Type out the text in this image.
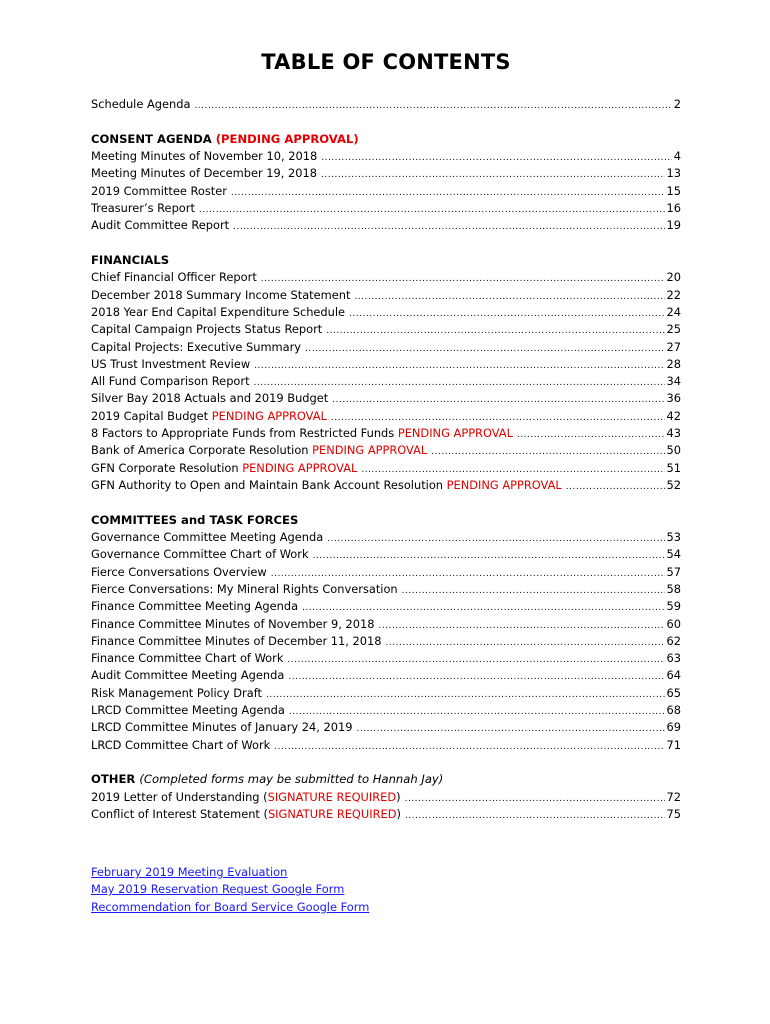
TABLE OF CONTENTS
Schedule Agenda .....	2
CONSENT AGENDA (PENDING APPROVAL)
Meeting Minutes of November 10, 2018 .....	4
Meeting Minutes of December 19, 2018 .....	13
2019 Committee Roster .....	15
Treasurer’s Report .....	16
Audit Committee Report .....	19
FINANCIALS
Chief Financial Officer Report .....	20
December 2018 Summary Income Statement .....	22
2018 Year End Capital Expenditure Schedule .....	24
Capital Campaign Projects Status Report .....	25
Capital Projects: Executive Summary .....	27
US Trust Investment Review .....	28
All Fund Comparison Report .....	34
Silver Bay 2018 Actuals and 2019 Budget .....	36
2019 Capital Budget PENDING APPROVAL .....	42
8 Factors to Appropriate Funds from Restricted Funds PENDING APPROVAL .....	43
Bank of America Corporate Resolution PENDING APPROVAL .....	50
GFN Corporate Resolution PENDING APPROVAL .....	51
GFN Authority to Open and Maintain Bank Account Resolution PENDING APPROVAL .....	52
COMMITTEES and TASK FORCES
Governance Committee Meeting Agenda .....	53
Governance Committee Chart of Work .....	54
Fierce Conversations Overview .....	57
Fierce Conversations: My Mineral Rights Conversation .....	58
Finance Committee Meeting Agenda .....	59
Finance Committee Minutes of November 9, 2018 .....	60
Finance Committee Minutes of December 11, 2018 .....	62
Finance Committee Chart of Work .....	63
Audit Committee Meeting Agenda .....	64
Risk Management Policy Draft .....	65
LRCD Committee Meeting Agenda .....	68
LRCD Committee Minutes of January 24, 2019 .....	69
LRCD Committee Chart of Work .....	71
OTHER (Completed forms may be submitted to Hannah Jay)
2019 Letter of Understanding (SIGNATURE REQUIRED) .....	72
Conflict of Interest Statement (SIGNATURE REQUIRED) .....	75
February 2019 Meeting Evaluation
May 2019 Reservation Request Google Form
Recommendation for Board Service Google Form
